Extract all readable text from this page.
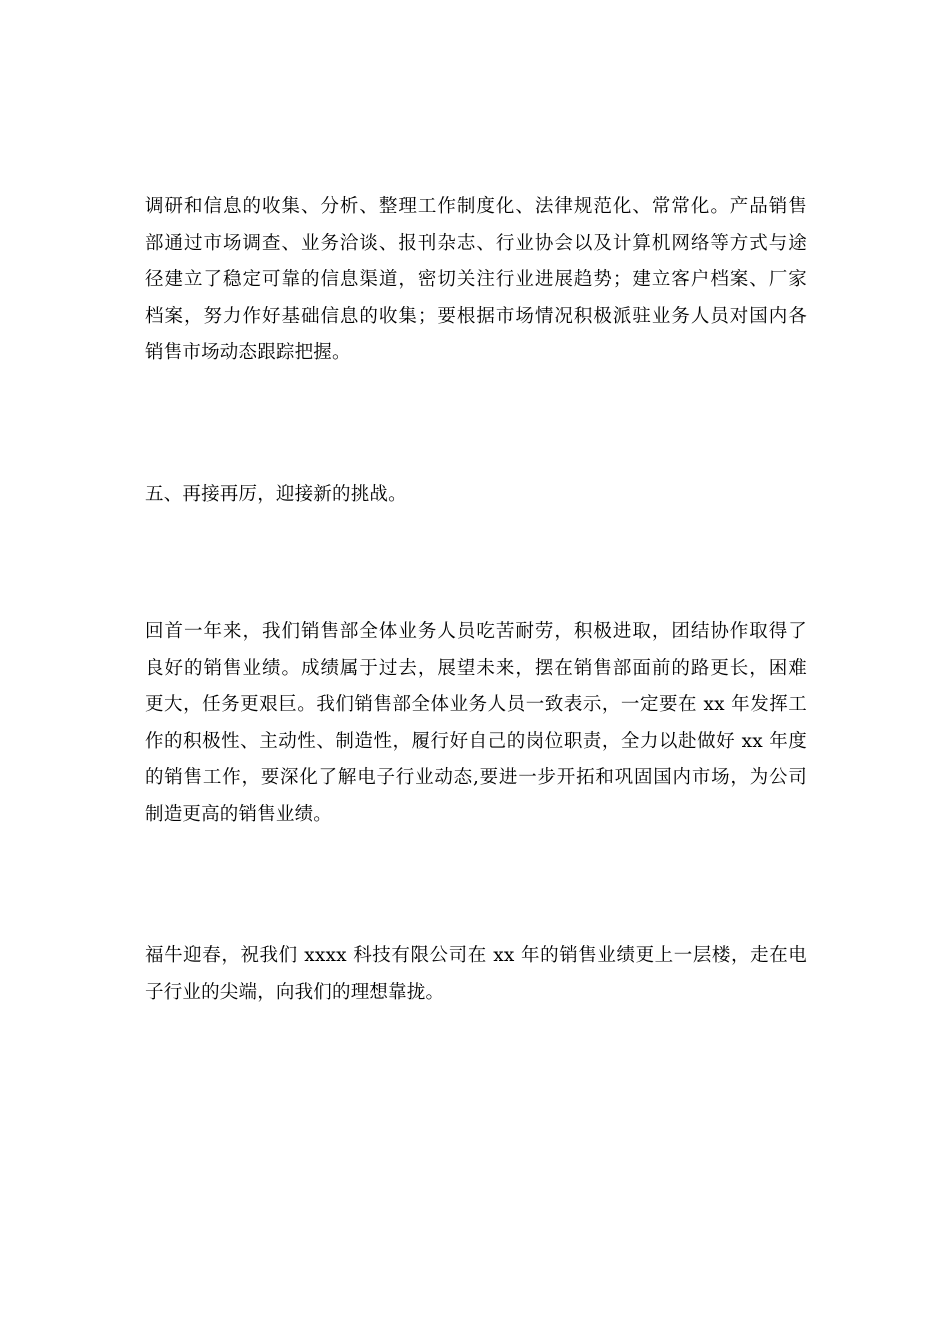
调研和信息的收集、分析、整理工作制度化、法律规范化、常常化。产品销售
部通过市场调查、业务洽谈、报刊杂志、行业协会以及计算机网络等方式与途
径建立了稳定可靠的信息渠道，密切关注行业进展趋势；建立客户档案、厂家
档案，努力作好基础信息的收集；要根据市场情况积极派驻业务人员对国内各
销售市场动态跟踪把握。

五、再接再厉，迎接新的挑战。

回首一年来，我们销售部全体业务人员吃苦耐劳，积极进取，团结协作取得了
良好的销售业绩。成绩属于过去，展望未来，摆在销售部面前的路更长，困难
更大，任务更艰巨。我们销售部全体业务人员一致表示，一定要在 xx 年发挥工
作的积极性、主动性、制造性，履行好自己的岗位职责，全力以赴做好 xx 年度
的销售工作，要深化了解电子行业动态,要进一步开拓和巩固国内市场，为公司
制造更高的销售业绩。

福牛迎春，祝我们 xxxx 科技有限公司在 xx 年的销售业绩更上一层楼，走在电
子行业的尖端，向我们的理想靠拢。
